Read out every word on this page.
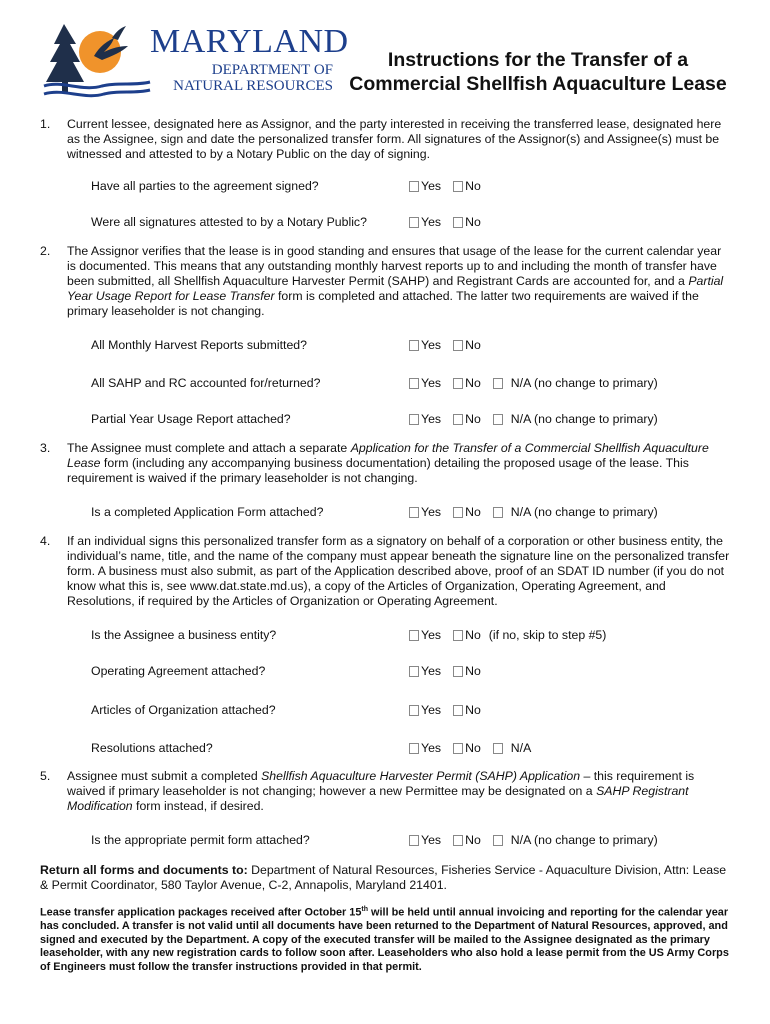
MARYLAND
DEPARTMENT OF
NATURAL RESOURCES
Instructions for the Transfer of a
Commercial Shellfish Aquaculture Lease
1.	Current lessee, designated here as Assignor, and the party interested in receiving the transferred lease, designated here as the Assignee, sign and date the personalized transfer form. All signatures of the Assignor(s) and Assignee(s) must be witnessed and attested to by a Notary Public on the day of signing.
Have all parties to the agreement signed?	Yes No
Were all signatures attested to by a Notary Public?	Yes No
2.	The Assignor verifies that the lease is in good standing and ensures that usage of the lease for the current calendar year is documented. This means that any outstanding monthly harvest reports up to and including the month of transfer have been submitted, all Shellfish Aquaculture Harvester Permit (SAHP) and Registrant Cards are accounted for, and a Partial Year Usage Report for Lease Transfer form is completed and attached. The latter two requirements are waived if the primary leaseholder is not changing.
All Monthly Harvest Reports submitted?	Yes No
All SAHP and RC accounted for/returned?	Yes No N/A (no change to primary)
Partial Year Usage Report attached?	Yes No N/A (no change to primary)
3.	The Assignee must complete and attach a separate Application for the Transfer of a Commercial Shellfish Aquaculture Lease form (including any accompanying business documentation) detailing the proposed usage of the lease. This requirement is waived if the primary leaseholder is not changing.
Is a completed Application Form attached?	Yes No N/A (no change to primary)
4.	If an individual signs this personalized transfer form as a signatory on behalf of a corporation or other business entity, the individual’s name, title, and the name of the company must appear beneath the signature line on the personalized transfer form. A business must also submit, as part of the Application described above, proof of an SDAT ID number (if you do not know what this is, see www.dat.state.md.us), a copy of the Articles of Organization, Operating Agreement, and Resolutions, if required by the Articles of Organization or Operating Agreement.
Is the Assignee a business entity?	Yes No (if no, skip to step #5)
Operating Agreement attached?	Yes No
Articles of Organization attached?	Yes No
Resolutions attached?	Yes No N/A
5.	Assignee must submit a completed Shellfish Aquaculture Harvester Permit (SAHP) Application – this requirement is waived if primary leaseholder is not changing; however a new Permittee may be designated on a SAHP Registrant Modification form instead, if desired.
Is the appropriate permit form attached?	Yes No N/A (no change to primary)
Return all forms and documents to: Department of Natural Resources, Fisheries Service - Aquaculture Division, Attn: Lease & Permit Coordinator, 580 Taylor Avenue, C-2, Annapolis, Maryland 21401.
Lease transfer application packages received after October 15th will be held until annual invoicing and reporting for the calendar year has concluded. A transfer is not valid until all documents have been returned to the Department of Natural Resources, approved, and signed and executed by the Department. A copy of the executed transfer will be mailed to the Assignee designated as the primary leaseholder, with any new registration cards to follow soon after. Leaseholders who also hold a lease permit from the US Army Corps of Engineers must follow the transfer instructions provided in that permit.
